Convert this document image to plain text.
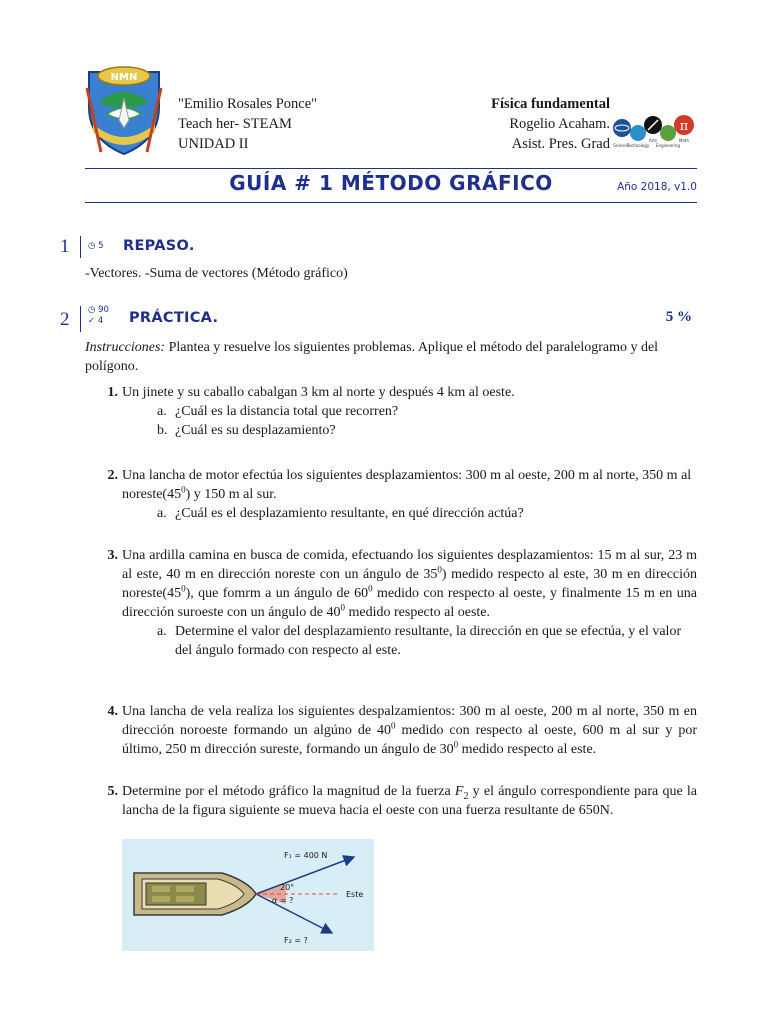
NMN
"Emilio Rosales Ponce"
Teach her- STEAM
UNIDAD II
Física fundamental
Rogelio Acaham.
Asist. Pres. Grad
π
Science
Technology
Arts
Engineering
Math
GUÍA # 1 MÉTODO GRÁFICO	Año 2018, v1.0
1 ◷ 5 REPASO.
-Vectores. -Suma de vectores (Método gráfico)
2 ◷ 90
✓ 4	PRÁCTICA.	5 %
Instrucciones: Plantea y resuelve los siguientes problemas. Aplique el método del paralelogramo y del polígono.
1. Un jinete y su caballo cabalgan 3 km al norte y después 4 km al oeste.
a. ¿Cuál es la distancia total que recorren?
b. ¿Cuál es su desplazamiento?
2. Una lancha de motor efectúa los siguientes desplazamientos: 300 m al oeste, 200 m al norte, 350 m al $noreste(45^0)$ y 150 m al sur.
a. ¿Cuál es el desplazamiento resultante, en qué dirección actúa?
3. Una ardilla camina en busca de comida, efectuando los siguientes desplazamientos: 15 m al sur, 23 m al este, 40 m en dirección noreste con un ángulo de $35^0$) medido respecto al este, 30 m en dirección $noreste(45^0)$, que fomrm a un ángulo de $60^0$ medido con respecto al oeste, y finalmente 15 m en una dirección suroeste con un ángulo de $40^0$ medido respecto al oeste.
a. Determine el valor del desplazamiento resultante, la dirección en que se efectúa, y el valor del ángulo formado con respecto al este.
4. Una lancha de vela realiza los siguientes despalzamientos: 300 m al oeste, 200 m al norte, 350 m en dirección noroeste formando un algúno de $40^0$ medido con respecto al oeste, 600 m al sur y por último, 250 m dirección sureste, formando un ángulo de $30^0$ medido respecto al este.
5. Determine por el método gráfico la magnitud de la fuerza $F_2$ y el ángulo correspondiente para que la lancha de la figura siguiente se mueva hacia el oeste con una fuerza resultante de 650N.
F₁ = 400 N
20°
α = ?
Este
F₂ = ?
